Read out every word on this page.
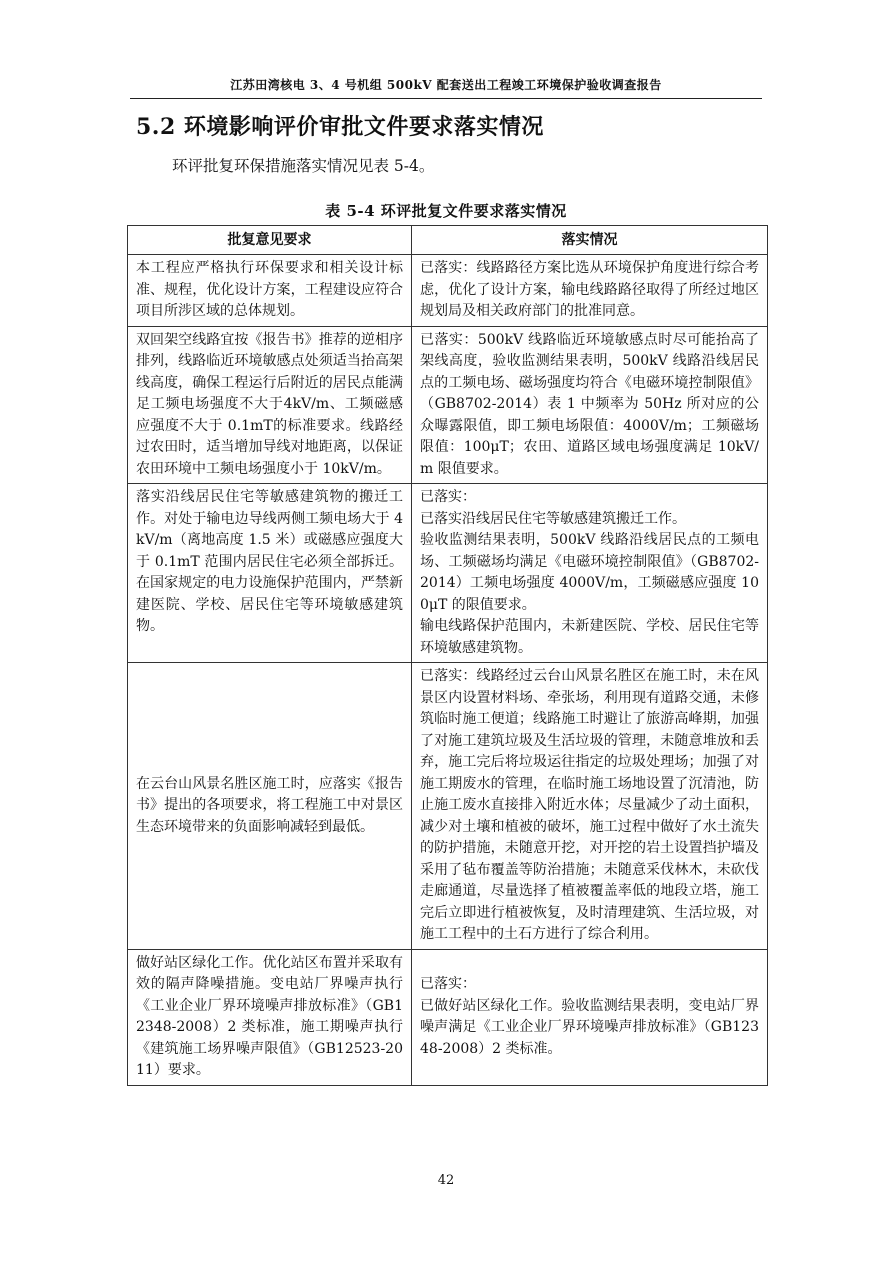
江苏田湾核电 3、4 号机组 500kV 配套送出工程竣工环境保护验收调查报告
5.2 环境影响评价审批文件要求落实情况
环评批复环保措施落实情况见表 5-4。
表 5-4 环评批复文件要求落实情况
批复意见要求	落实情况
本工程应严格执行环保要求和相关设计标准、规程，优化设计方案，工程建设应符合项目所涉区域的总体规划。	已落实：线路路径方案比选从环境保护角度进行综合考虑，优化了设计方案，输电线路路径取得了所经过地区规划局及相关政府部门的批准同意。

双回架空线路宜按《报告书》推荐的逆相序排列，线路临近环境敏感点处须适当抬高架线高度，确保工程运行后附近的居民点能满足工频电场强度不大于4kV/m、工频磁感应强度不大于 0.1mT的标准要求。线路经过农田时，适当增加导线对地距离，以保证农田环境中工频电场强度小于 10kV/m。	已落实：500kV 线路临近环境敏感点时尽可能抬高了架线高度，验收监测结果表明，500kV 线路沿线居民点的工频电场、磁场强度均符合《电磁环境控制限值》（GB8702-2014）表 1 中频率为 50Hz 所对应的公众曝露限值，即工频电场限值：4000V/m；工频磁场限值：100μT；农田、道路区域电场强度满足 10kV/m 限值要求。

落实沿线居民住宅等敏感建筑物的搬迁工作。对处于输电边导线两侧工频电场大于 4kV/m（离地高度 1.5 米）或磁感应强度大于 0.1mT 范围内居民住宅必须全部拆迁。在国家规定的电力设施保护范围内，严禁新建医院、学校、居民住宅等环境敏感建筑物。	已落实：
已落实沿线居民住宅等敏感建筑搬迁工作。
验收监测结果表明，500kV 线路沿线居民点的工频电场、工频磁场均满足《电磁环境控制限值》（GB8702-2014）工频电场强度 4000V/m，工频磁感应强度 100μT 的限值要求。
输电线路保护范围内，未新建医院、学校、居民住宅等环境敏感建筑物。

在云台山风景名胜区施工时，应落实《报告书》提出的各项要求，将工程施工中对景区生态环境带来的负面影响减轻到最低。	已落实：线路经过云台山风景名胜区在施工时，未在风景区内设置材料场、牵张场，利用现有道路交通，未修筑临时施工便道；线路施工时避让了旅游高峰期，加强了对施工建筑垃圾及生活垃圾的管理，未随意堆放和丢弃，施工完后将垃圾运往指定的垃圾处理场；加强了对施工期废水的管理，在临时施工场地设置了沉清池，防止施工废水直接排入附近水体；尽量减少了动土面积，减少对土壤和植被的破坏，施工过程中做好了水土流失的防护措施，未随意开挖，对开挖的岩土设置挡护墙及采用了毡布覆盖等防治措施；未随意采伐林木，未砍伐走廊通道，尽量选择了植被覆盖率低的地段立塔，施工完后立即进行植被恢复，及时清理建筑、生活垃圾，对施工工程中的土石方进行了综合利用。

做好站区绿化工作。优化站区布置并采取有效的隔声降噪措施。变电站厂界噪声执行《工业企业厂界环境噪声排放标准》（GB12348-2008）2 类标准，施工期噪声执行《建筑施工场界噪声限值》（GB12523-2011）要求。	已落实：
已做好站区绿化工作。验收监测结果表明，变电站厂界噪声满足《工业企业厂界环境噪声排放标准》（GB12348-2008）2 类标准。
42
